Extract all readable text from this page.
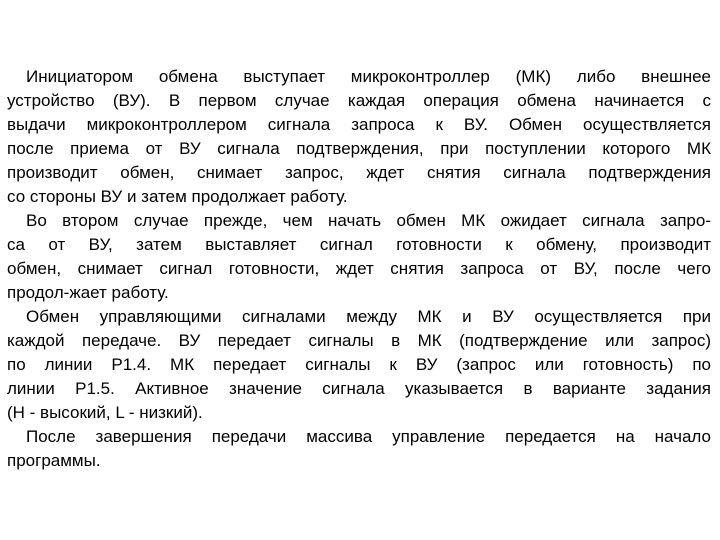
Инициатором обмена выступает микроконтроллер (МК) либо внешнее
устройство (ВУ). В первом случае каждая операция обмена начинается с
выдачи микроконтроллером сигнала запроса к ВУ. Обмен осуществляется
после приема от ВУ сигнала подтверждения, при поступлении которого МК
производит обмен, снимает запрос, ждет снятия сигнала подтверждения
со стороны ВУ и затем продолжает работу.
Во втором случае прежде, чем начать обмен МК ожидает сигнала запро-
са от ВУ, затем выставляет сигнал готовности к обмену, производит
обмен, снимает сигнал готовности, ждет снятия запроса от ВУ, после чего
продол-жает работу.
Обмен управляющими сигналами между МК и ВУ осуществляется при
каждой передаче. ВУ передает сигналы в МК (подтверждение или запрос)
по линии P1.4. МК передает сигналы к ВУ (запрос или готовность) по
линии P1.5. Активное значение сигнала указывается в варианте задания
(H - высокий, L - низкий).
После завершения передачи массива управление передается на начало
программы.
